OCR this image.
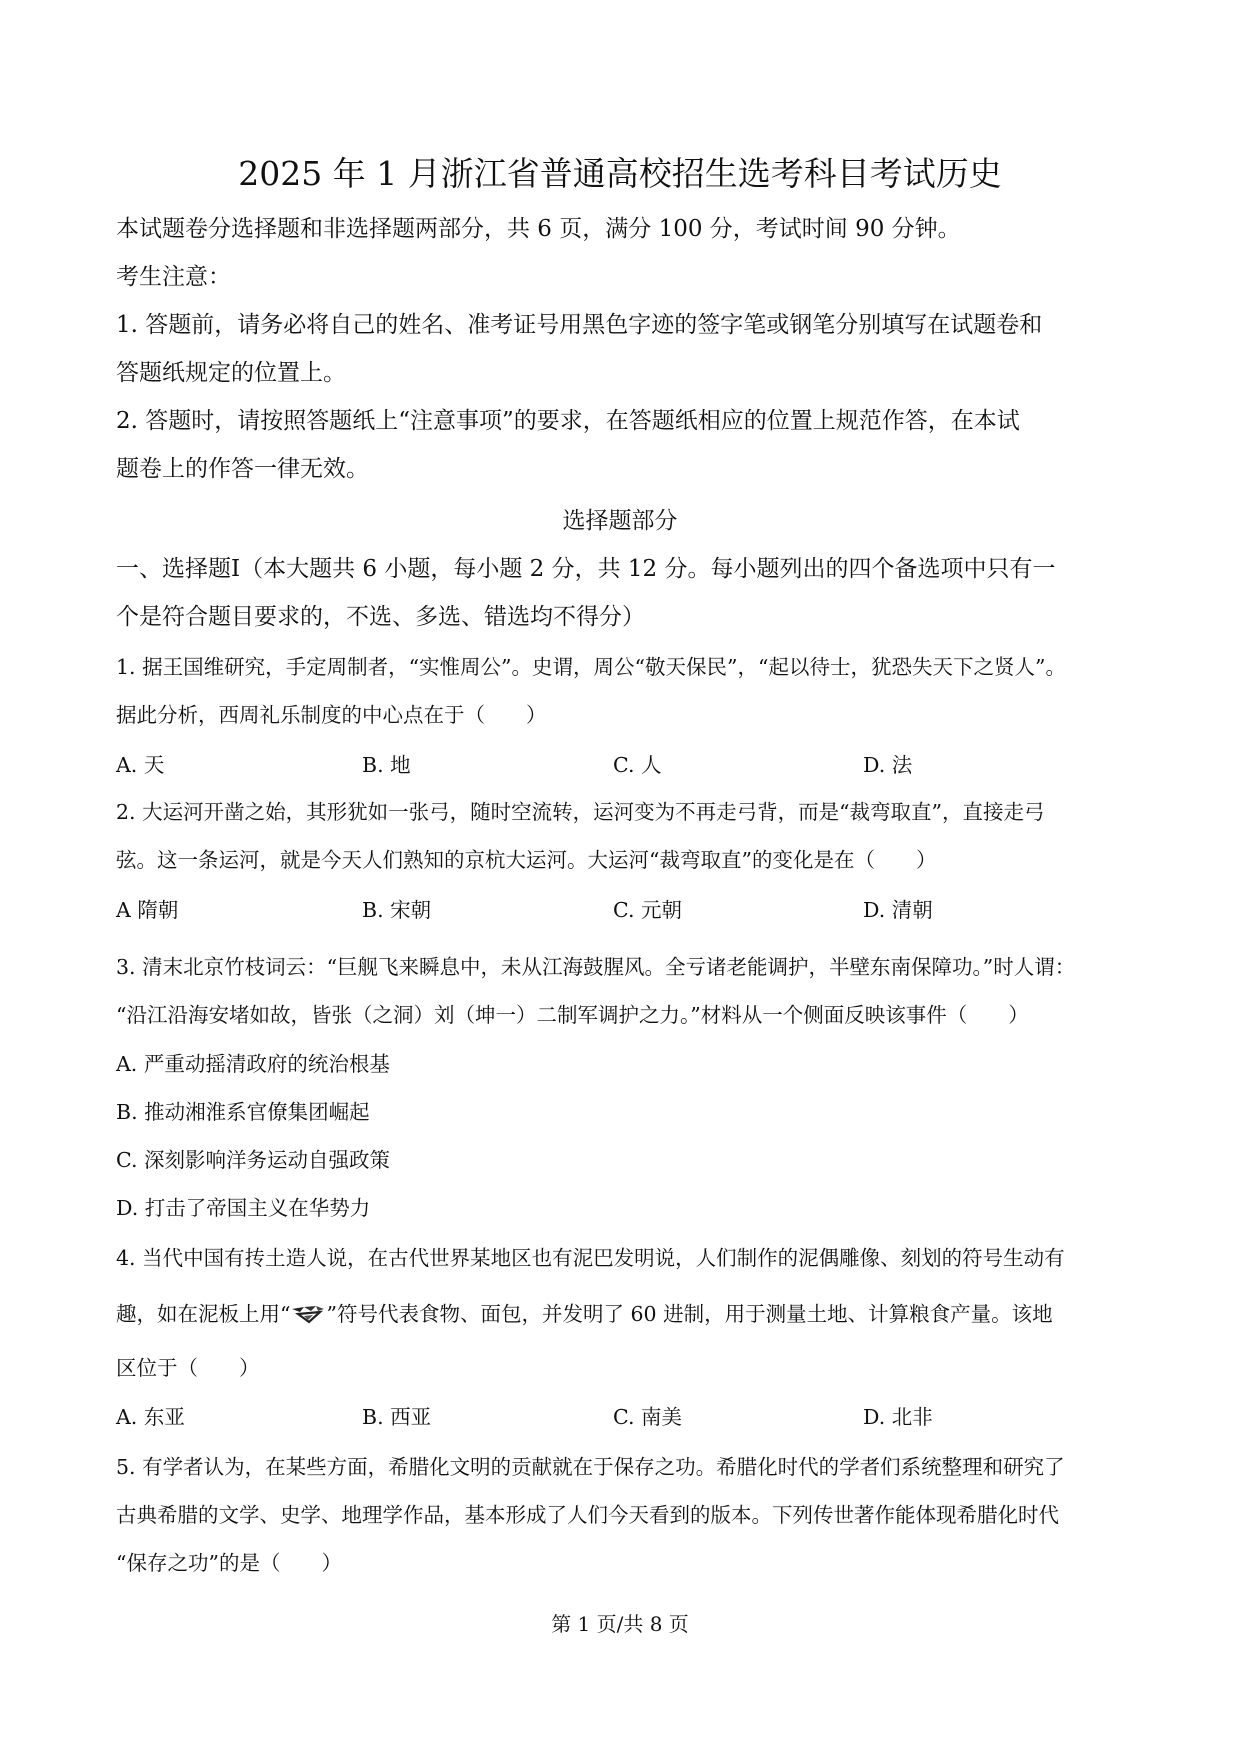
2025 年 1 月浙江省普通高校招生选考科目考试历史
本试题卷分选择题和非选择题两部分，共 6 页，满分 100 分，考试时间 90 分钟。
考生注意：
1. 答题前，请务必将自己的姓名、准考证号用黑色字迹的签字笔或钢笔分别填写在试题卷和
答题纸规定的位置上。
2. 答题时，请按照答题纸上“注意事项”的要求，在答题纸相应的位置上规范作答，在本试
题卷上的作答一律无效。
选择题部分
一、选择题Ⅰ（本大题共 6 小题，每小题 2 分，共 12 分。每小题列出的四个备选项中只有一
个是符合题目要求的，不选、多选、错选均不得分）
1. 据王国维研究，手定周制者，“实惟周公”。史谓，周公“敬天保民”，“起以待士，犹恐失天下之贤人”。
据此分析，西周礼乐制度的中心点在于（　　）
A. 天	B. 地	C. 人	D. 法
2. 大运河开凿之始，其形犹如一张弓，随时空流转，运河变为不再走弓背，而是“裁弯取直”，直接走弓
弦。这一条运河，就是今天人们熟知的京杭大运河。大运河“裁弯取直”的变化是在（　　）
A 隋朝	B. 宋朝	C. 元朝	D. 清朝
3. 清末北京竹枝词云：“巨舰飞来瞬息中，未从江海鼓腥风。全亏诸老能调护，半壁东南保障功。”时人谓：
“沿江沿海安堵如故，皆张（之洞）刘（坤一）二制军调护之力。”材料从一个侧面反映该事件（　　）
A. 严重动摇清政府的统治根基
B. 推动湘淮系官僚集团崛起
C. 深刻影响洋务运动自强政策
D. 打击了帝国主义在华势力
4. 当代中国有抟土造人说，在古代世界某地区也有泥巴发明说，人们制作的泥偶雕像、刻划的符号生动有
趣，如在泥板上用“ ”符号代表食物、面包，并发明了 60 进制，用于测量土地、计算粮食产量。该地
区位于（　　）
A. 东亚	B. 西亚	C. 南美	D. 北非
5. 有学者认为，在某些方面，希腊化文明的贡献就在于保存之功。希腊化时代的学者们系统整理和研究了
古典希腊的文学、史学、地理学作品，基本形成了人们今天看到的版本。下列传世著作能体现希腊化时代
“保存之功”的是（　　）
第 1 页/共 8 页
